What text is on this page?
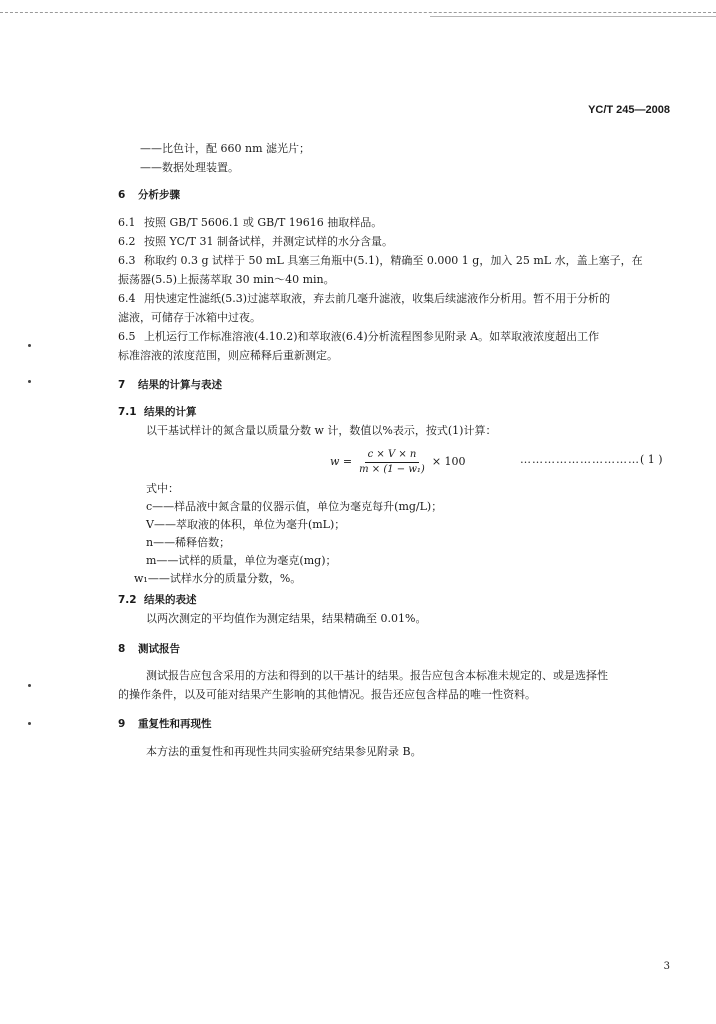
YC/T 245—2008
——比色计，配 660 nm 滤光片；
——数据处理装置。
6 分析步骤
6.1 按照 GB/T 5606.1 或 GB/T 19616 抽取样品。
6.2 按照 YC/T 31 制备试样，并测定试样的水分含量。
6.3 称取约 0.3 g 试样于 50 mL 具塞三角瓶中(5.1)，精确至 0.000 1 g，加入 25 mL 水，盖上塞子，在
振荡器(5.5)上振荡萃取 30 min～40 min。
6.4 用快速定性滤纸(5.3)过滤萃取液，弃去前几毫升滤液，收集后续滤液作分析用。暂不用于分析的
滤液，可储存于冰箱中过夜。
6.5 上机运行工作标准溶液(4.10.2)和萃取液(6.4)分析流程图参见附录 A。如萃取液浓度超出工作
标准溶液的浓度范围，则应稀释后重新测定。
7 结果的计算与表述
7.1 结果的计算
以干基试样计的氮含量以质量分数 w 计，数值以%表示，按式(1)计算：
$w = \frac{c \times V \times n}{\text{m × (1 − w₁)}} \times 100$	…………………………( 1 )
式中：
c——样品液中氮含量的仪器示值，单位为毫克每升(mg/L)；
V——萃取液的体积，单位为毫升(mL)；
n——稀释倍数；
m——试样的质量，单位为毫克(mg)；
w₁——试样水分的质量分数，%。
7.2 结果的表述
以两次测定的平均值作为测定结果，结果精确至 0.01%。
8 测试报告
测试报告应包含采用的方法和得到的以干基计的结果。报告应包含本标准未规定的、或是选择性
的操作条件，以及可能对结果产生影响的其他情况。报告还应包含样品的唯一性资料。
9 重复性和再现性
本方法的重复性和再现性共同实验研究结果参见附录 B。
3
